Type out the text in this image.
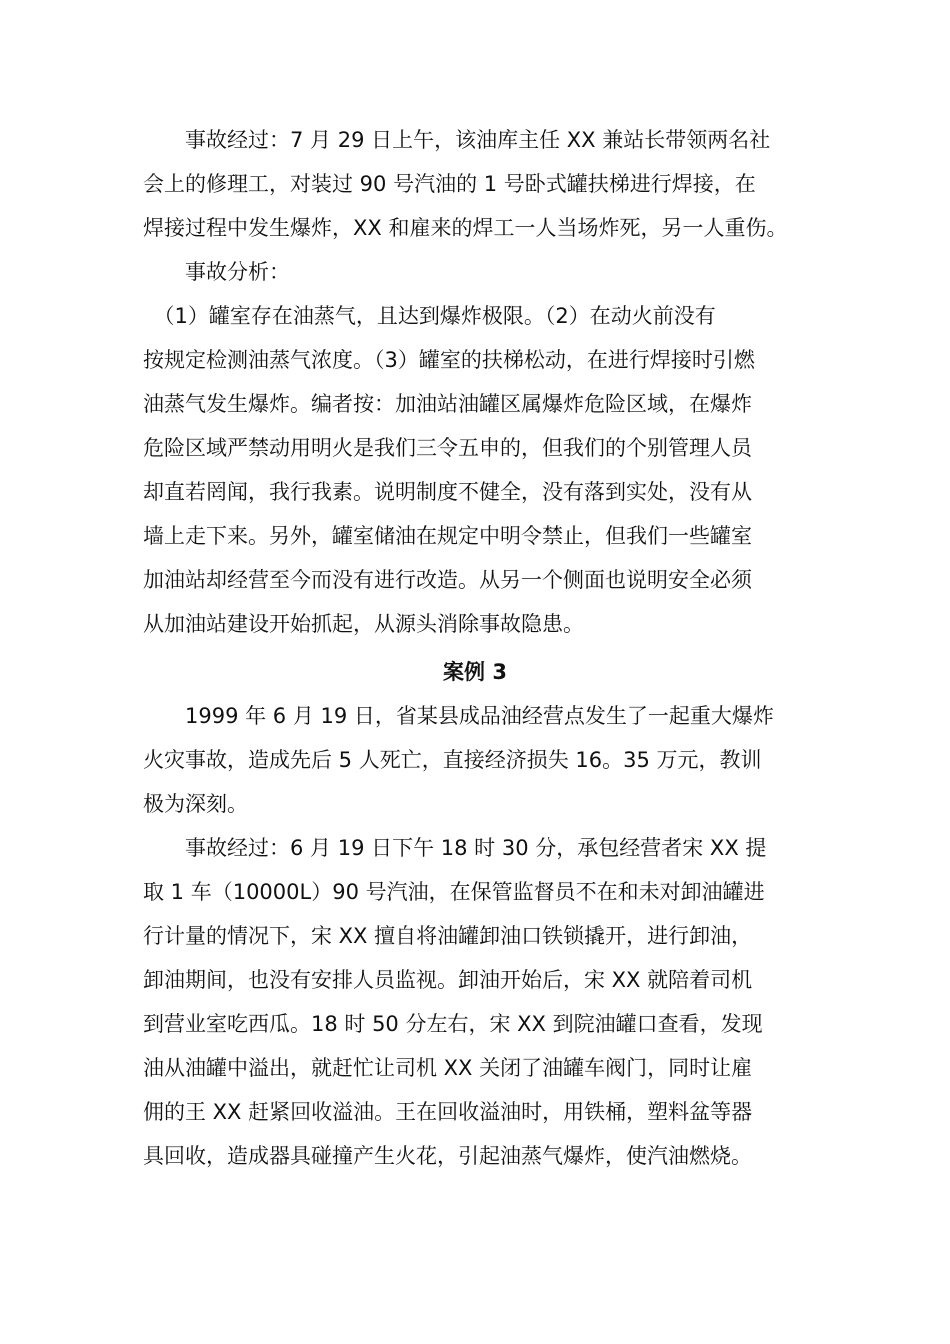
　　事故经过：7 月 29 日上午，该油库主任 XX 兼站长带领两名社
会上的修理工，对装过 90 号汽油的 1 号卧式罐扶梯进行焊接，在
焊接过程中发生爆炸，XX 和雇来的焊工一人当场炸死，另一人重伤。
　　事故分析：
　（1）罐室存在油蒸气，且达到爆炸极限。（2）在动火前没有
按规定检测油蒸气浓度。（3）罐室的扶梯松动，在进行焊接时引燃
油蒸气发生爆炸。编者按：加油站油罐区属爆炸危险区域，在爆炸
危险区域严禁动用明火是我们三令五申的，但我们的个别管理人员
却直若罔闻，我行我素。说明制度不健全，没有落到实处，没有从
墙上走下来。另外，罐室储油在规定中明令禁止，但我们一些罐室
加油站却经营至今而没有进行改造。从另一个侧面也说明安全必须
从加油站建设开始抓起，从源头消除事故隐患。
案例 3
　　1999 年 6 月 19 日，省某县成品油经营点发生了一起重大爆炸
火灾事故，造成先后 5 人死亡，直接经济损失 16。35 万元，教训
极为深刻。
　　事故经过：6 月 19 日下午 18 时 30 分，承包经营者宋 XX 提
取 1 车（10000L）90 号汽油，在保管监督员不在和未对卸油罐进
行计量的情况下，宋 XX 擅自将油罐卸油口铁锁撬开，进行卸油，
卸油期间，也没有安排人员监视。卸油开始后，宋 XX 就陪着司机
到营业室吃西瓜。18 时 50 分左右，宋 XX 到院油罐口查看，发现
油从油罐中溢出，就赶忙让司机 XX 关闭了油罐车阀门，同时让雇
佣的王 XX 赶紧回收溢油。王在回收溢油时，用铁桶，塑料盆等器
具回收，造成器具碰撞产生火花，引起油蒸气爆炸，使汽油燃烧。
